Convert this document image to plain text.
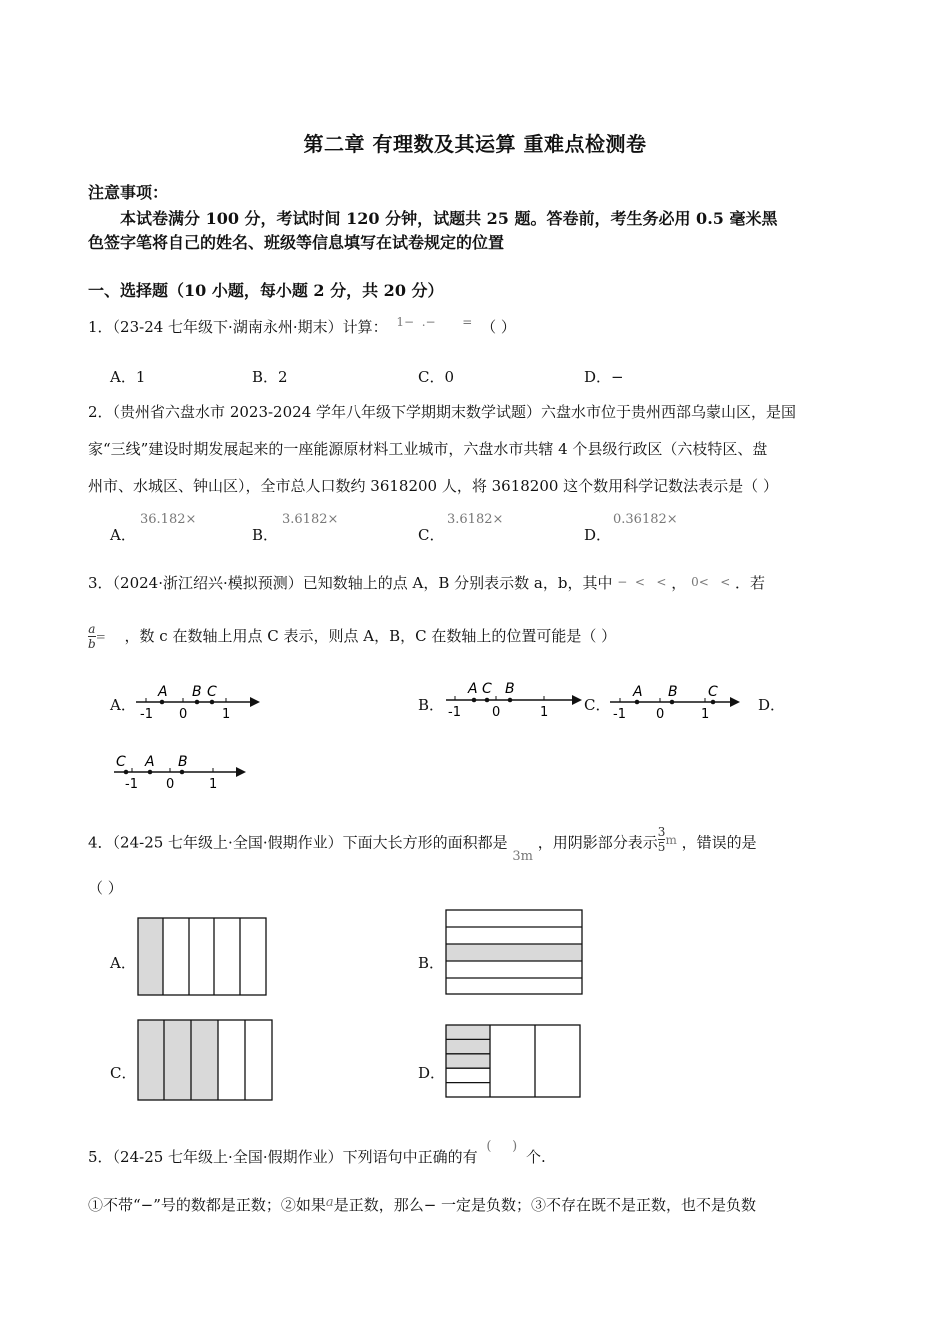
第二章 有理数及其运算 重难点检测卷
注意事项：
本试卷满分 100 分，考试时间 120 分钟，试题共 25 题。答卷前，考生务必用 0.5 毫米黑
色签字笔将自己的姓名、班级等信息填写在试卷规定的位置
一、选择题（10 小题，每小题 2 分，共 20 分）
1．（23-24 七年级下·湖南永州·期末）计算： $^{1- .- =}$ （ ）
A．1	B．2	C．0	D．−
2．（贵州省六盘水市 2023-2024 学年八年级下学期期末数学试题）六盘水市位于贵州西部乌蒙山区，是国
家“三线”建设时期发展起来的一座能源原材料工业城市，六盘水市共辖 4 个县级行政区（六枝特区、盘
州市、水城区、钟山区），全市总人口数约 3618200 人，将 3618200 这个数用科学记数法表示是（ ）
A．
36.182×
B．
3.6182×
C．
3.6182×
D．
0.36182×
3．（2024·浙江绍兴·模拟预测）已知数轴上的点 A，B 分别表示数 a，b，其中 −  <   < ， 0<   < ．若
$\frac{a}{b}$ = ，数 c 在数轴上用点 C 表示，则点 A，B，C 在数轴上的位置可能是（ ）
A．
A B C
-1 0	1
B．
A C B
-1 0	1 C．
A B C
-1 0	1
D．
C A B
-1 0	1
4．（24-25 七年级上·全国·假期作业）下面大长方形的面积都是 3m ，用阴影部分表示 $\frac{3}{5} ^m$ ，错误的是
（ ）
A．	B．
C．	D．
5．（24-25 七年级上·全国·假期作业）下列语句中正确的有 (     ) 个.
①不带“−”号的数都是正数；②如果a是正数，那么− 一定是负数；③不存在既不是正数，也不是负数
